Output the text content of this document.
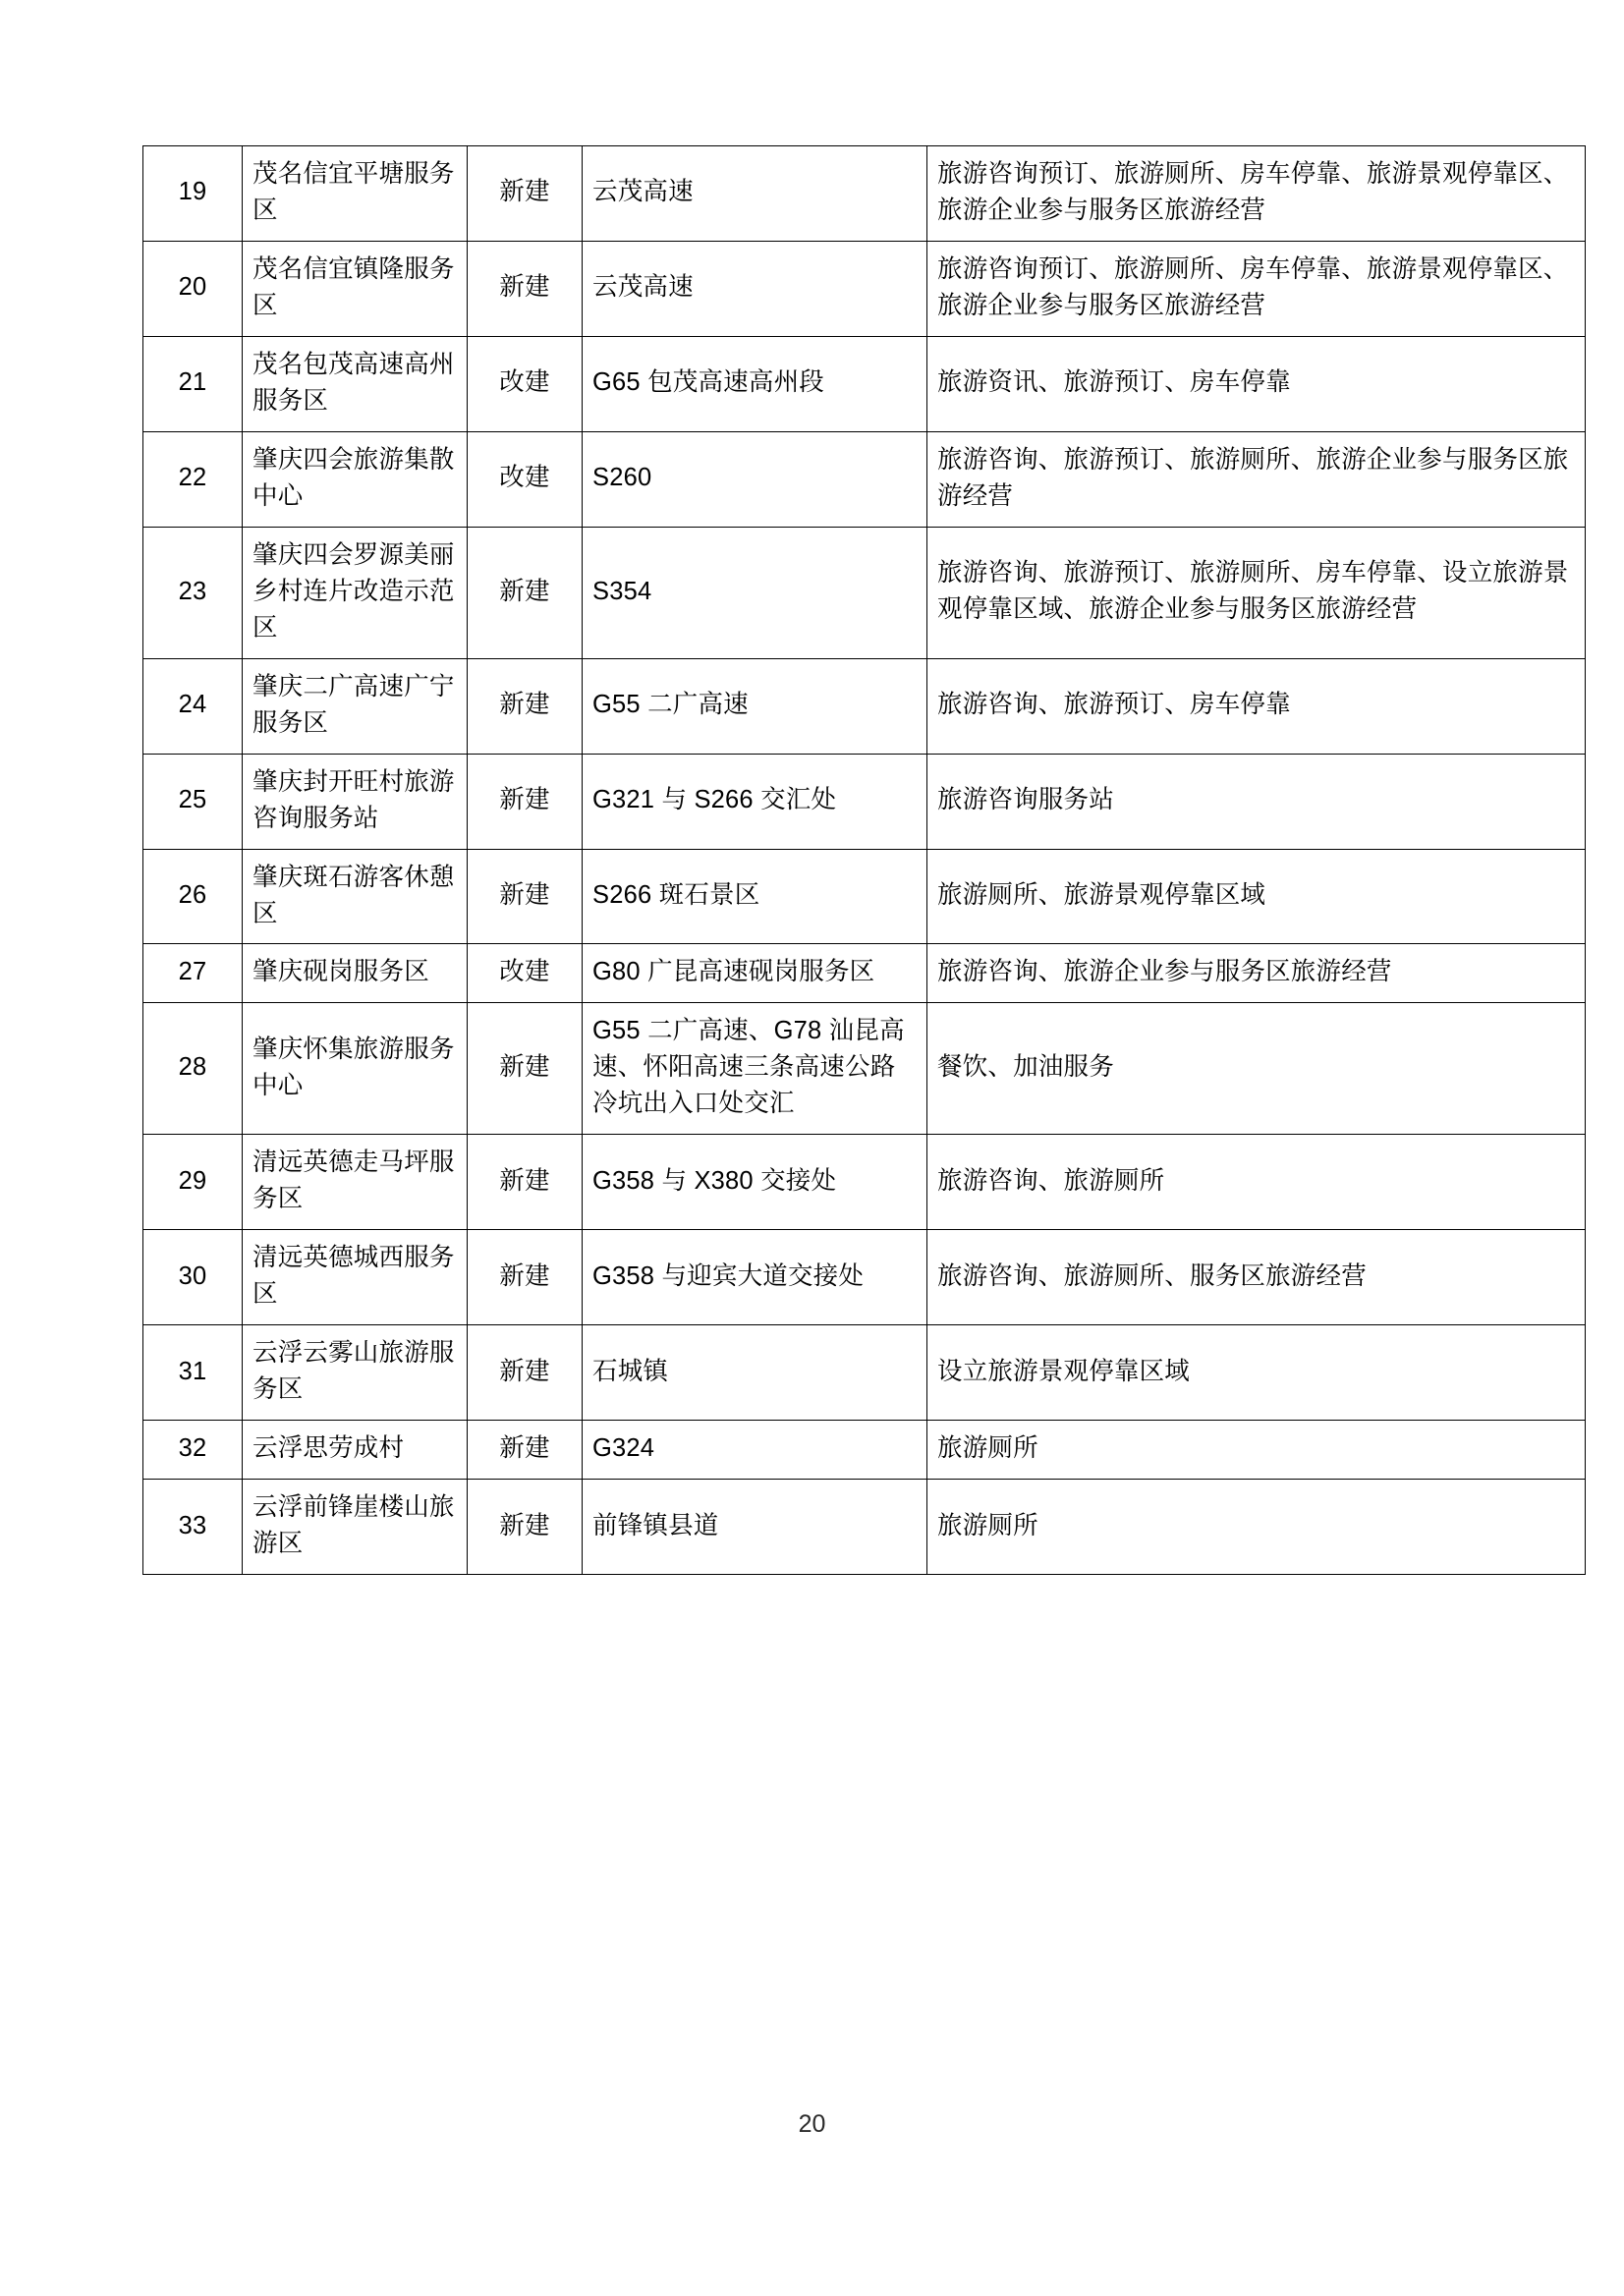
19	茂名信宜平塘服务区	新建	云茂高速	旅游咨询预订、旅游厕所、房车停靠、旅游景观停靠区、旅游企业参与服务区旅游经营
20	茂名信宜镇隆服务区	新建	云茂高速	旅游咨询预订、旅游厕所、房车停靠、旅游景观停靠区、旅游企业参与服务区旅游经营
21	茂名包茂高速高州服务区	改建	G65 包茂高速高州段	旅游资讯、旅游预订、房车停靠
22	肇庆四会旅游集散中心	改建	S260	旅游咨询、旅游预订、旅游厕所、旅游企业参与服务区旅游经营
23	肇庆四会罗源美丽乡村连片改造示范区	新建	S354	旅游咨询、旅游预订、旅游厕所、房车停靠、设立旅游景观停靠区域、旅游企业参与服务区旅游经营
24	肇庆二广高速广宁服务区	新建	G55 二广高速	旅游咨询、旅游预订、房车停靠
25	肇庆封开旺村旅游咨询服务站	新建	G321 与 S266 交汇处	旅游咨询服务站
26	肇庆斑石游客休憩区	新建	S266 斑石景区	旅游厕所、旅游景观停靠区域
27	肇庆砚岗服务区	改建	G80 广昆高速砚岗服务区	旅游咨询、旅游企业参与服务区旅游经营
28	肇庆怀集旅游服务中心	新建	G55 二广高速、G78 汕昆高速、怀阳高速三条高速公路冷坑出入口处交汇	餐饮、加油服务
29	清远英德走马坪服务区	新建	G358 与 X380 交接处	旅游咨询、旅游厕所
30	清远英德城西服务区	新建	G358 与迎宾大道交接处	旅游咨询、旅游厕所、服务区旅游经营
31	云浮云雾山旅游服务区	新建	石城镇	设立旅游景观停靠区域
32	云浮思劳成村	新建	G324	旅游厕所
33	云浮前锋崖楼山旅游区	新建	前锋镇县道	旅游厕所
20
